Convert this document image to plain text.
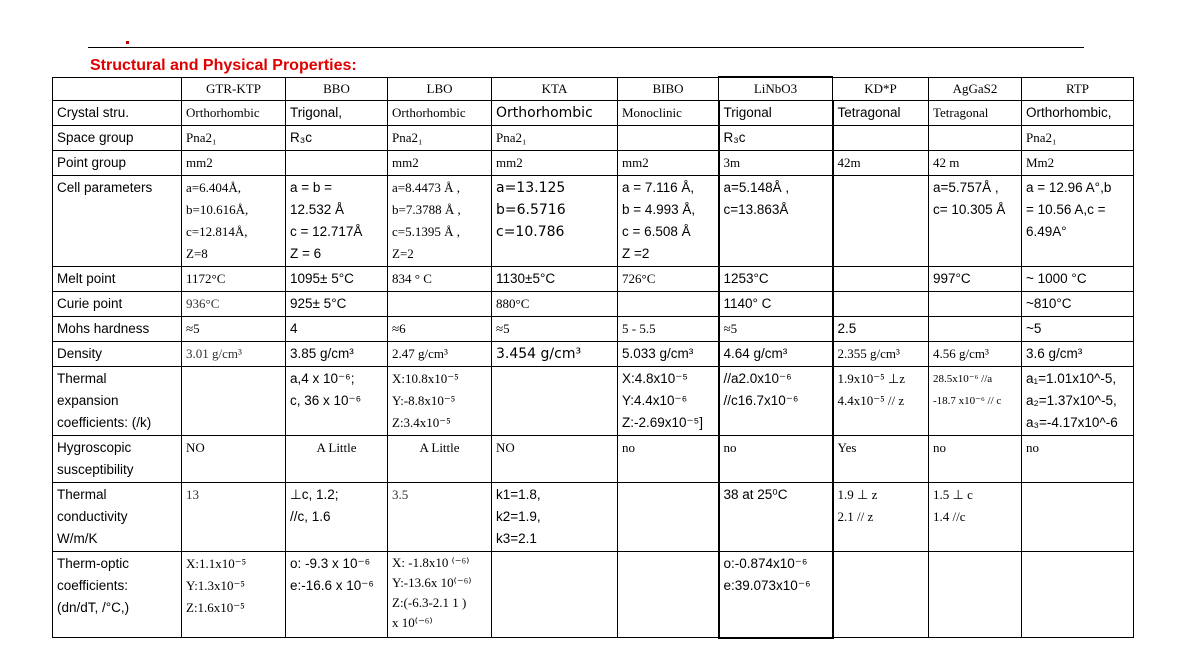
Structural and Physical Properties:
	GTR-KTP	BBO	LBO	KTA	BIBO	LiNbO3	KD*P	AgGaS2	RTP
Crystal stru.	Orthorhombic	Trigonal,	Orthorhombic	Orthorhombic	Monoclinic	Trigonal	Tetragonal	Tetragonal	Orthorhombic,
Space group	Pna2₁	R₃c	Pna2₁	Pna2₁		R₃c			Pna2₁
Point group	mm2		mm2	mm2	mm2	3m	42m	42 m	Mm2
Cell parameters	a=6.404Å,
b=10.616Å,
c=12.814Å,
Z=8	a = b =
12.532 Å
c = 12.717Å
Z = 6	a=8.4473 Å ,
b=7.3788 Å ,
c=5.1395 Å ,
Z=2	a=13.125
b=6.5716
c=10.786	a = 7.116 Å,
b = 4.993 Å,
c = 6.508 Å
Z =2	a=5.148Å ,
c=13.863Å		a=5.757Å ,
c= 10.305 Å	a = 12.96 A°,b
= 10.56 A,c =
6.49A°
Melt point	1172°C	1095± 5°C	834 ° C	1130±5°C	726°C	1253°C		997°C	~ 1000 °C
Curie point	936°C	925± 5°C		880°C		1140° C			~810°C
Mohs hardness	≈5	4	≈6	≈5	5 - 5.5	≈5	2.5		~5
Density	3.01 g/cm³	3.85 g/cm³	2.47 g/cm³	3.454 g/cm³	5.033 g/cm³	4.64 g/cm³	2.355 g/cm³	4.56 g/cm³	3.6 g/cm³
Thermal
expansion
coefficients: (/k)		a,4 x 10⁻⁶;
c, 36 x 10⁻⁶	X:10.8x10⁻⁵
Y:-8.8x10⁻⁵
Z:3.4x10⁻⁵		X:4.8x10⁻⁵
Y:4.4x10⁻⁶
Z:-2.69x10⁻⁵]	//a2.0x10⁻⁶
//c16.7x10⁻⁶	1.9x10⁻⁵ ⊥z
4.4x10⁻⁵ // z	28.5x10⁻⁶ //a
-18.7 x10⁻⁶ // c	a₁=1.01x10^-5,
a₂=1.37x10^-5,
a₃=-4.17x10^-6
Hygroscopic
susceptibility	NO	A Little	A Little	NO	no	no	Yes	no	no
Thermal
conductivity
W/m/K	13	⊥c, 1.2;
//c, 1.6	3.5	k1=1.8,
k2=1.9,
k3=2.1		38 at 25⁰C	1.9 ⊥ z
2.1 // z	1.5 ⊥ c
1.4 //c	
Therm-optic
coefficients:
(dn/dT, /°C,)	X:1.1x10⁻⁵
Y:1.3x10⁻⁵
Z:1.6x10⁻⁵	o: -9.3 x 10⁻⁶
e:-16.6 x 10⁻⁶	X: -1.8x10 ⁽⁻⁶⁾
Y:-13.6x 10⁽⁻⁶⁾
Z:(-6.3-2.1 1 )
x 10⁽⁻⁶⁾			o:-0.874x10⁻⁶
e:39.073x10⁻⁶			
